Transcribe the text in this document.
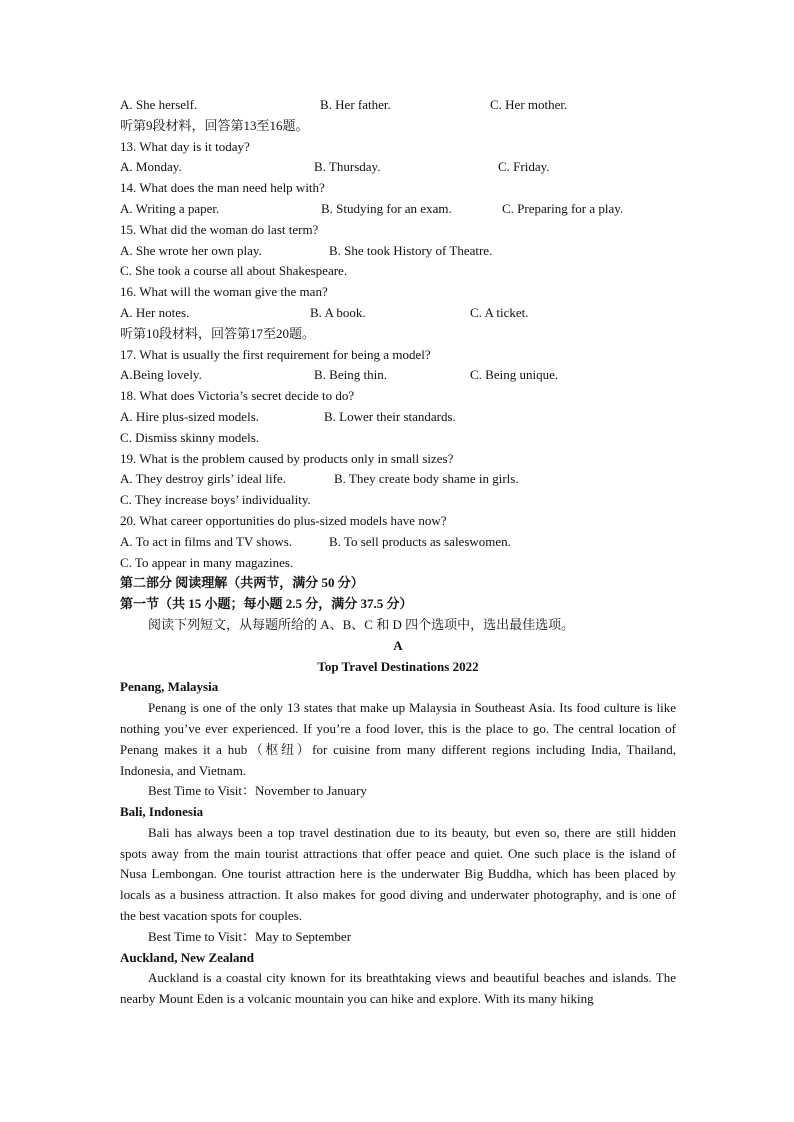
A. She herself.	B. Her father.	C. Her mother.
听第9段材料，回答第13至16题。
13. What day is it today?
A. Monday.	B. Thursday.	C. Friday.
14. What does the man need help with?
A. Writing a paper.	B. Studying for an exam.	C. Preparing for a play.
15. What did the woman do last term?
A. She wrote her own play.	B. She took History of Theatre.
C. She took a course all about Shakespeare.
16. What will the woman give the man?
A. Her notes.	B. A book.	C. A ticket.
听第10段材料，回答第17至20题。
17. What is usually the first requirement for being a model?
A.Being lovely.	B. Being thin.	C. Being unique.
18. What does Victoria’s secret decide to do?
A. Hire plus-sized models.	B. Lower their standards.
C. Dismiss skinny models.
19. What is the problem caused by products only in small sizes?
A. They destroy girls’ ideal life.	B. They create body shame in girls.
C. They increase boys’ individuality.
20. What career opportunities do plus-sized models have now?
A. To act in films and TV shows.	B. To sell products as saleswomen.
C. To appear in many magazines.
第二部分 阅读理解（共两节，满分 50 分）
第一节（共 15 小题；每小题 2.5 分，满分 37.5 分）
阅读下列短文，从每题所给的 A、B、C 和 D 四个选项中，选出最佳选项。
A
Top Travel Destinations 2022
Penang, Malaysia

Penang is one of the only 13 states that make up Malaysia in Southeast Asia. Its food culture is like nothing you’ve ever experienced. If you’re a food lover, this is the place to go. The central location of Penang makes it a hub（枢纽）for cuisine from many different regions including India, Thailand, Indonesia, and Vietnam.

Best Time to Visit：November to January
Bali, Indonesia

Bali has always been a top travel destination due to its beauty, but even so, there are still hidden spots away from the main tourist attractions that offer peace and quiet. One such place is the island of Nusa Lembongan. One tourist attraction here is the underwater Big Buddha, which has been placed by locals as a business attraction. It also makes for good diving and underwater photography, and is one of the best vacation spots for couples.

Best Time to Visit：May to September
Auckland, New Zealand

Auckland is a coastal city known for its breathtaking views and beautiful beaches and islands. The nearby Mount Eden is a volcanic mountain you can hike and explore. With its many hiking
